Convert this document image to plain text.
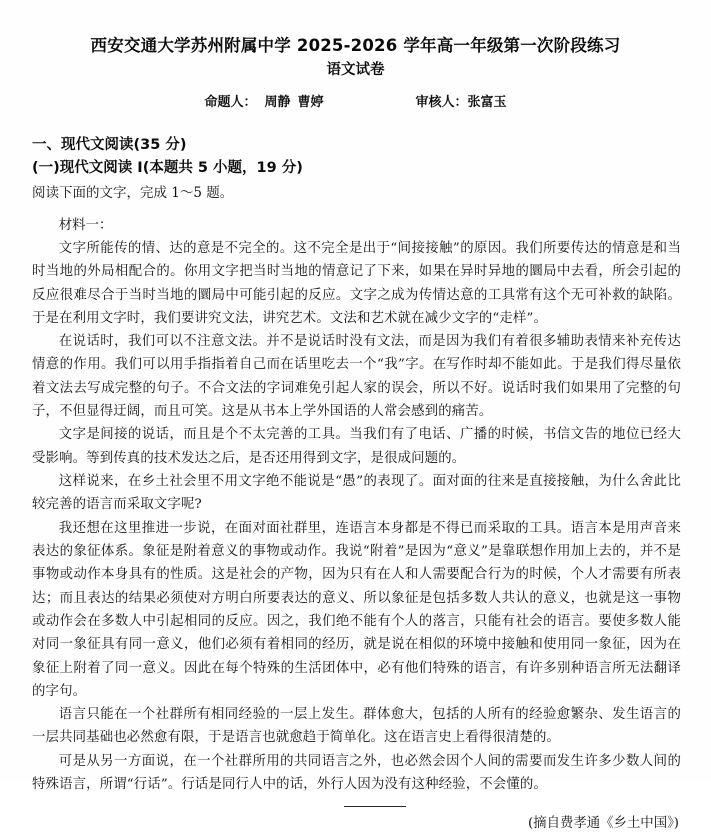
西安交通大学苏州附属中学 2025-2026 学年高一年级第一次阶段练习
语文试卷
命题人： 周静 曹婷	审核人：张富玉
一、现代文阅读(35 分)
(一)现代文阅读 I(本题共 5 小题，19 分)
阅读下面的文字，完成 1～5 题。
材料一：

文字所能传的情、达的意是不完全的。这不完全是出于“间接接触”的原因。我们所要传达的情意是和当时当地的外局相配合的。你用文字把当时当地的情意记了下来，如果在异时异地的圜局中去看，所会引起的反应很难尽合于当时当地的圜局中可能引起的反应。文字之成为传情达意的工具常有这个无可补救的缺陷。于是在利用文字时，我们要讲究文法，讲究艺术。文法和艺术就在减少文字的“走样”。

在说话时，我们可以不注意文法。并不是说话时没有文法，而是因为我们有着很多辅助表情来补充传达情意的作用。我们可以用手指指着自己而在话里吃去一个“我”字。在写作时却不能如此。于是我们得尽量依着文法去写成完整的句子。不合文法的字词难免引起人家的误会，所以不好。说话时我们如果用了完整的句子，不但显得迂阔，而且可笑。这是从书本上学外国语的人常会感到的痛苦。

文字是间接的说话，而且是个不太完善的工具。当我们有了电话、广播的时候，书信文告的地位已经大受影响。等到传真的技术发达之后，是否还用得到文字，是很成问题的。

这样说来，在乡土社会里不用文字绝不能说是“愚”的表现了。面对面的往来是直接接触，为什么舍此比较完善的语言而采取文字呢?

我还想在这里推进一步说，在面对面社群里，连语言本身都是不得已而采取的工具。语言本是用声音来表达的象征体系。象征是附着意义的事物或动作。我说“附着”是因为“意义”是靠联想作用加上去的，并不是事物或动作本身具有的性质。这是社会的产物，因为只有在人和人需要配合行为的时候，个人才需要有所表达；而且表达的结果必须使对方明白所要表达的意义、所以象征是包括多数人共认的意义，也就是这一事物或动作会在多数人中引起相同的反应。因之，我们绝不能有个人的落言，只能有社会的语言。要使多数人能对同一象征具有同一意义，他们必须有着相同的经历，就是说在相似的环境中接触和使用同一象征，因为在象征上附着了同一意义。因此在每个特殊的生活团体中，必有他们特殊的语言，有许多别种语言所无法翻译的字句。

语言只能在一个社群所有相同经验的一层上发生。群体愈大，包括的人所有的经验愈繁杂、发生语言的一层共同基础也必然愈有限，于是语言也就愈趋于简单化。这在语言史上看得很清楚的。

可是从另一方面说，在一个社群所用的共同语言之外，也必然会因个人间的需要而发生许多少数人间的特殊语言，所谓“行话”。行话是同行人中的话，外行人因为没有这种经验，不会懂的。

(摘自费孝通《乡土中国》)
